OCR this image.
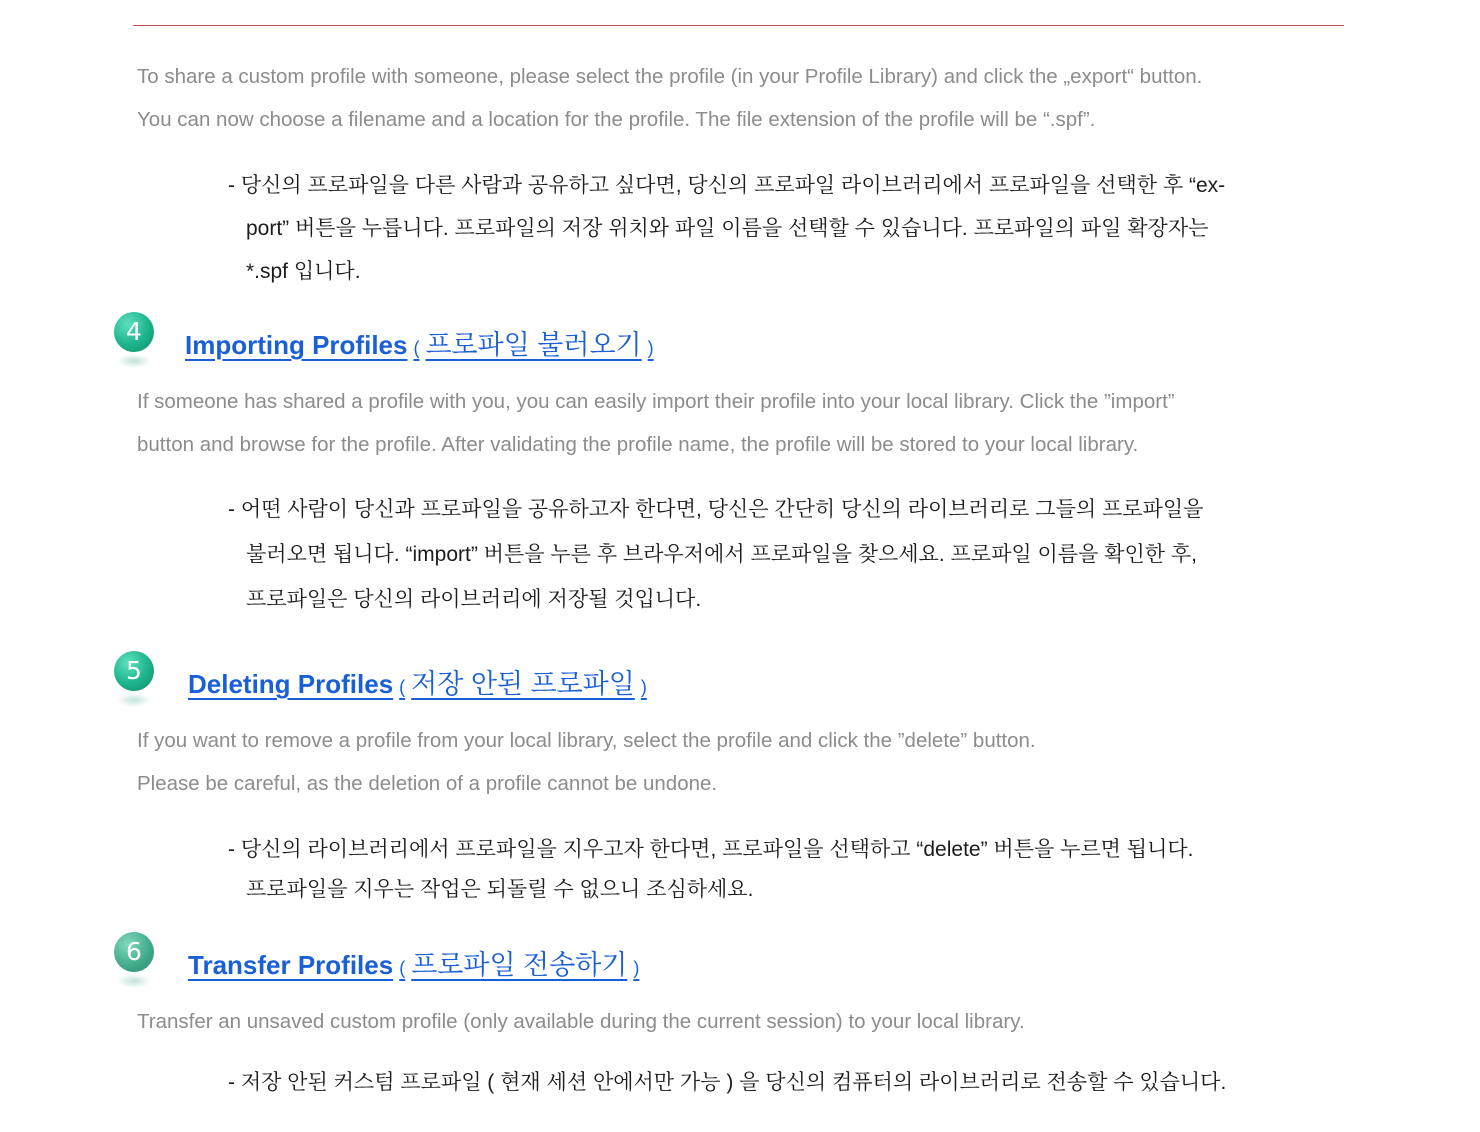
To share a custom profile with someone, please select the profile (in your Profile Library) and click the „export“ button.
You can now choose a filename and a location for the profile. The file extension of the profile will be “.spf”.
- 당신의 프로파일을 다른 사람과 공유하고 싶다면, 당신의 프로파일 라이브러리에서 프로파일을 선택한 후 “ex-
port” 버튼을 누릅니다. 프로파일의 저장 위치와 파일 이름을 선택할 수 있습니다. 프로파일의 파일 확장자는
*.spf 입니다.
4	Importing Profiles ( 프로파일 불러오기 )
If someone has shared a profile with you, you can easily import their profile into your local library. Click the ”import”
button and browse for the profile. After validating the profile name, the profile will be stored to your local library.
- 어떤 사람이 당신과 프로파일을 공유하고자 한다면, 당신은 간단히 당신의 라이브러리로 그들의 프로파일을
불러오면 됩니다. “import” 버튼을 누른 후 브라우저에서 프로파일을 찾으세요. 프로파일 이름을 확인한 후,
프로파일은 당신의 라이브러리에 저장될 것입니다.
5	Deleting Profiles ( 저장 안된 프로파일 )
If you want to remove a profile from your local library, select the profile and click the ”delete” button.
Please be careful, as the deletion of a profile cannot be undone.
- 당신의 라이브러리에서 프로파일을 지우고자 한다면, 프로파일을 선택하고 “delete” 버튼을 누르면 됩니다.
프로파일을 지우는 작업은 되돌릴 수 없으니 조심하세요.
6	Transfer Profiles ( 프로파일 전송하기 )
Transfer an unsaved custom profile (only available during the current session) to your local library.
- 저장 안된 커스텀 프로파일 ( 현재 세션 안에서만 가능 ) 을 당신의 컴퓨터의 라이브러리로 전송할 수 있습니다.
